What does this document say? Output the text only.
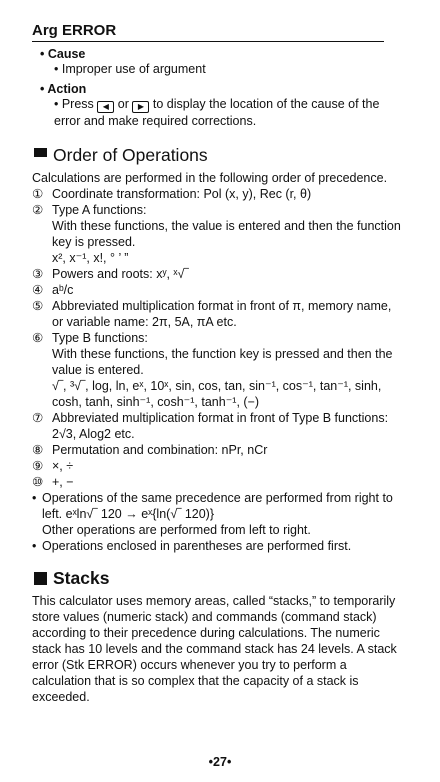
Arg ERROR
• Cause
• Improper use of argument
• Action
• Press ◀ or ▶ to display the location of the cause of the error and make required corrections.
Order of Operations
Calculations are performed in the following order of precedence.
① Coordinate transformation: Pol (x, y), Rec (r, θ)
② Type A functions:
With these functions, the value is entered and then the function key is pressed.
x², x⁻¹, x!, ° ’ ”
③ Powers and roots: xʸ, ˣ√‾
④ aᵇ/c
⑤ Abbreviated multiplication format in front of π, memory name, or variable name: 2π, 5A, πA etc.
⑥ Type B functions:
With these functions, the function key is pressed and then the value is entered.
√‾, ³√‾, log, ln, eˣ, 10ˣ, sin, cos, tan, sin⁻¹, cos⁻¹, tan⁻¹, sinh, cosh, tanh, sinh⁻¹, cosh⁻¹, tanh⁻¹, (−)
⑦ Abbreviated multiplication format in front of Type B functions: 2√3, Alog2 etc.
⑧ Permutation and combination: nPr, nCr
⑨ ×, ÷
⑩ +, −
• Operations of the same precedence are performed from right to left. eˣln√‾ 120 → eˣ{ln(√‾ 120)}
Other operations are performed from left to right.
• Operations enclosed in parentheses are performed first.
Stacks
This calculator uses memory areas, called “stacks,” to temporarily store values (numeric stack) and commands (command stack) according to their precedence during calculations. The numeric stack has 10 levels and the command stack has 24 levels. A stack error (Stk ERROR) occurs whenever you try to perform a calculation that is so complex that the capacity of a stack is exceeded.
•27•
